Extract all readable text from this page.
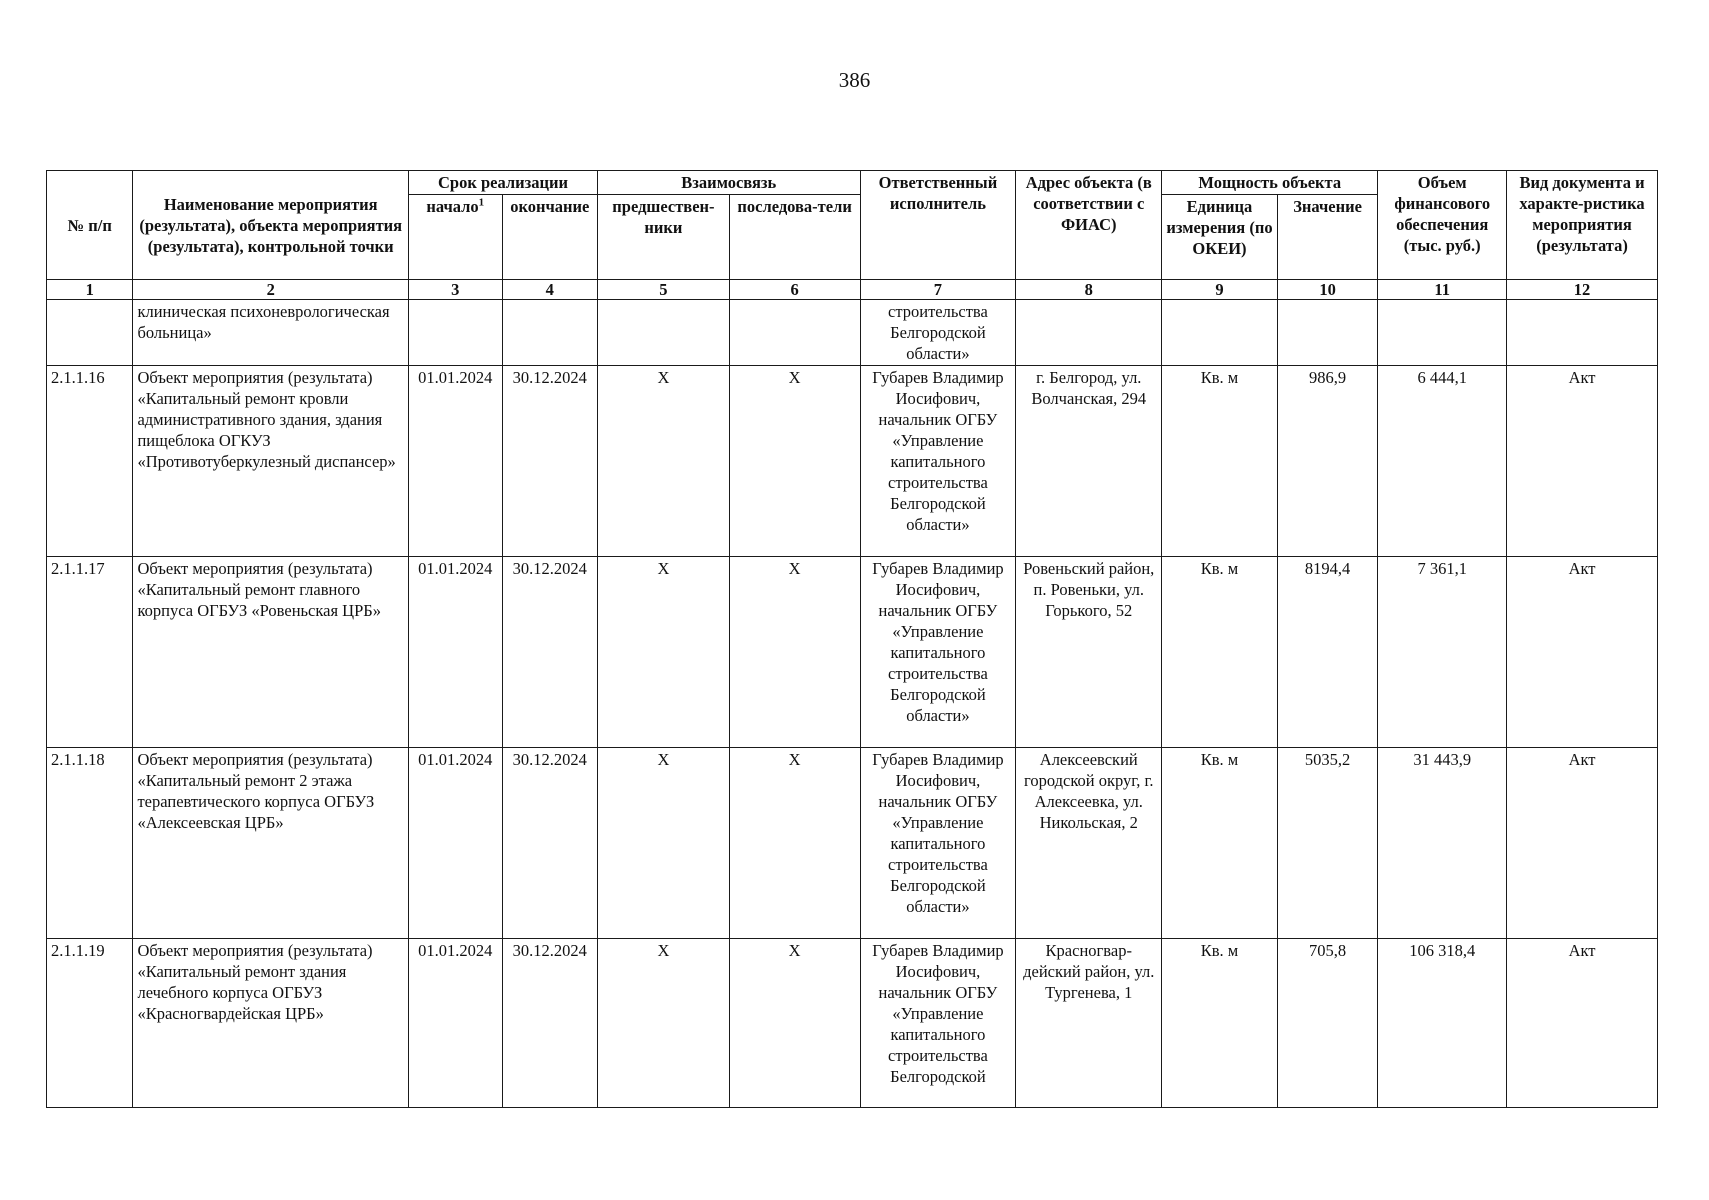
386
№ п/п	Наименование мероприятия (результата), объекта мероприятия (результата), контрольной точки	Срок реализации		Взаимосвязь		Ответственный исполнитель	Адрес объекта (в соответствии с ФИАС)	Мощность объекта		Объем финансового обеспечения (тыс. руб.)	Вид документа и характе-ристика мероприятия (результата)
		начало$^1$	окончание	предшествен-ники	последова-тели			Единица измерения (по ОКЕИ)	Значение		
1	2	3	4	5	6	7	8	9	10	11	12
	клиническая психоневрологическая больница»					строительства Белгородской области»					
2.1.1.16	Объект мероприятия (результата) «Капитальный ремонт кровли административного здания, здания пищеблока ОГКУЗ «Противотуберкулезный диспансер»	01.01.2024	30.12.2024	X	X	Губарев Владимир Иосифович, начальник ОГБУ «Управление капитального строительства Белгородской области»	г. Белгород, ул. Волчанская, 294	Кв. м	986,9	6 444,1	Акт
2.1.1.17	Объект мероприятия (результата) «Капитальный ремонт главного корпуса ОГБУЗ «Ровеньская ЦРБ»	01.01.2024	30.12.2024	X	X	Губарев Владимир Иосифович, начальник ОГБУ «Управление капитального строительства Белгородской области»	Ровеньский район, п. Ровеньки, ул. Горького, 52	Кв. м	8194,4	7 361,1	Акт
2.1.1.18	Объект мероприятия (результата) «Капитальный ремонт 2 этажа терапевтического корпуса ОГБУЗ «Алексеевская ЦРБ»	01.01.2024	30.12.2024	X	X	Губарев Владимир Иосифович, начальник ОГБУ «Управление капитального строительства Белгородской области»	Алексеевский городской округ, г. Алексеевка, ул. Никольская, 2	Кв. м	5035,2	31 443,9	Акт
2.1.1.19	Объект мероприятия (результата) «Капитальный ремонт здания лечебного корпуса ОГБУЗ «Красногвардейская ЦРБ»	01.01.2024	30.12.2024	X	X	Губарев Владимир Иосифович, начальник ОГБУ «Управление капитального строительства Белгородской	Красногвар-дейский район, ул. Тургенева, 1	Кв. м	705,8	106 318,4	Акт
